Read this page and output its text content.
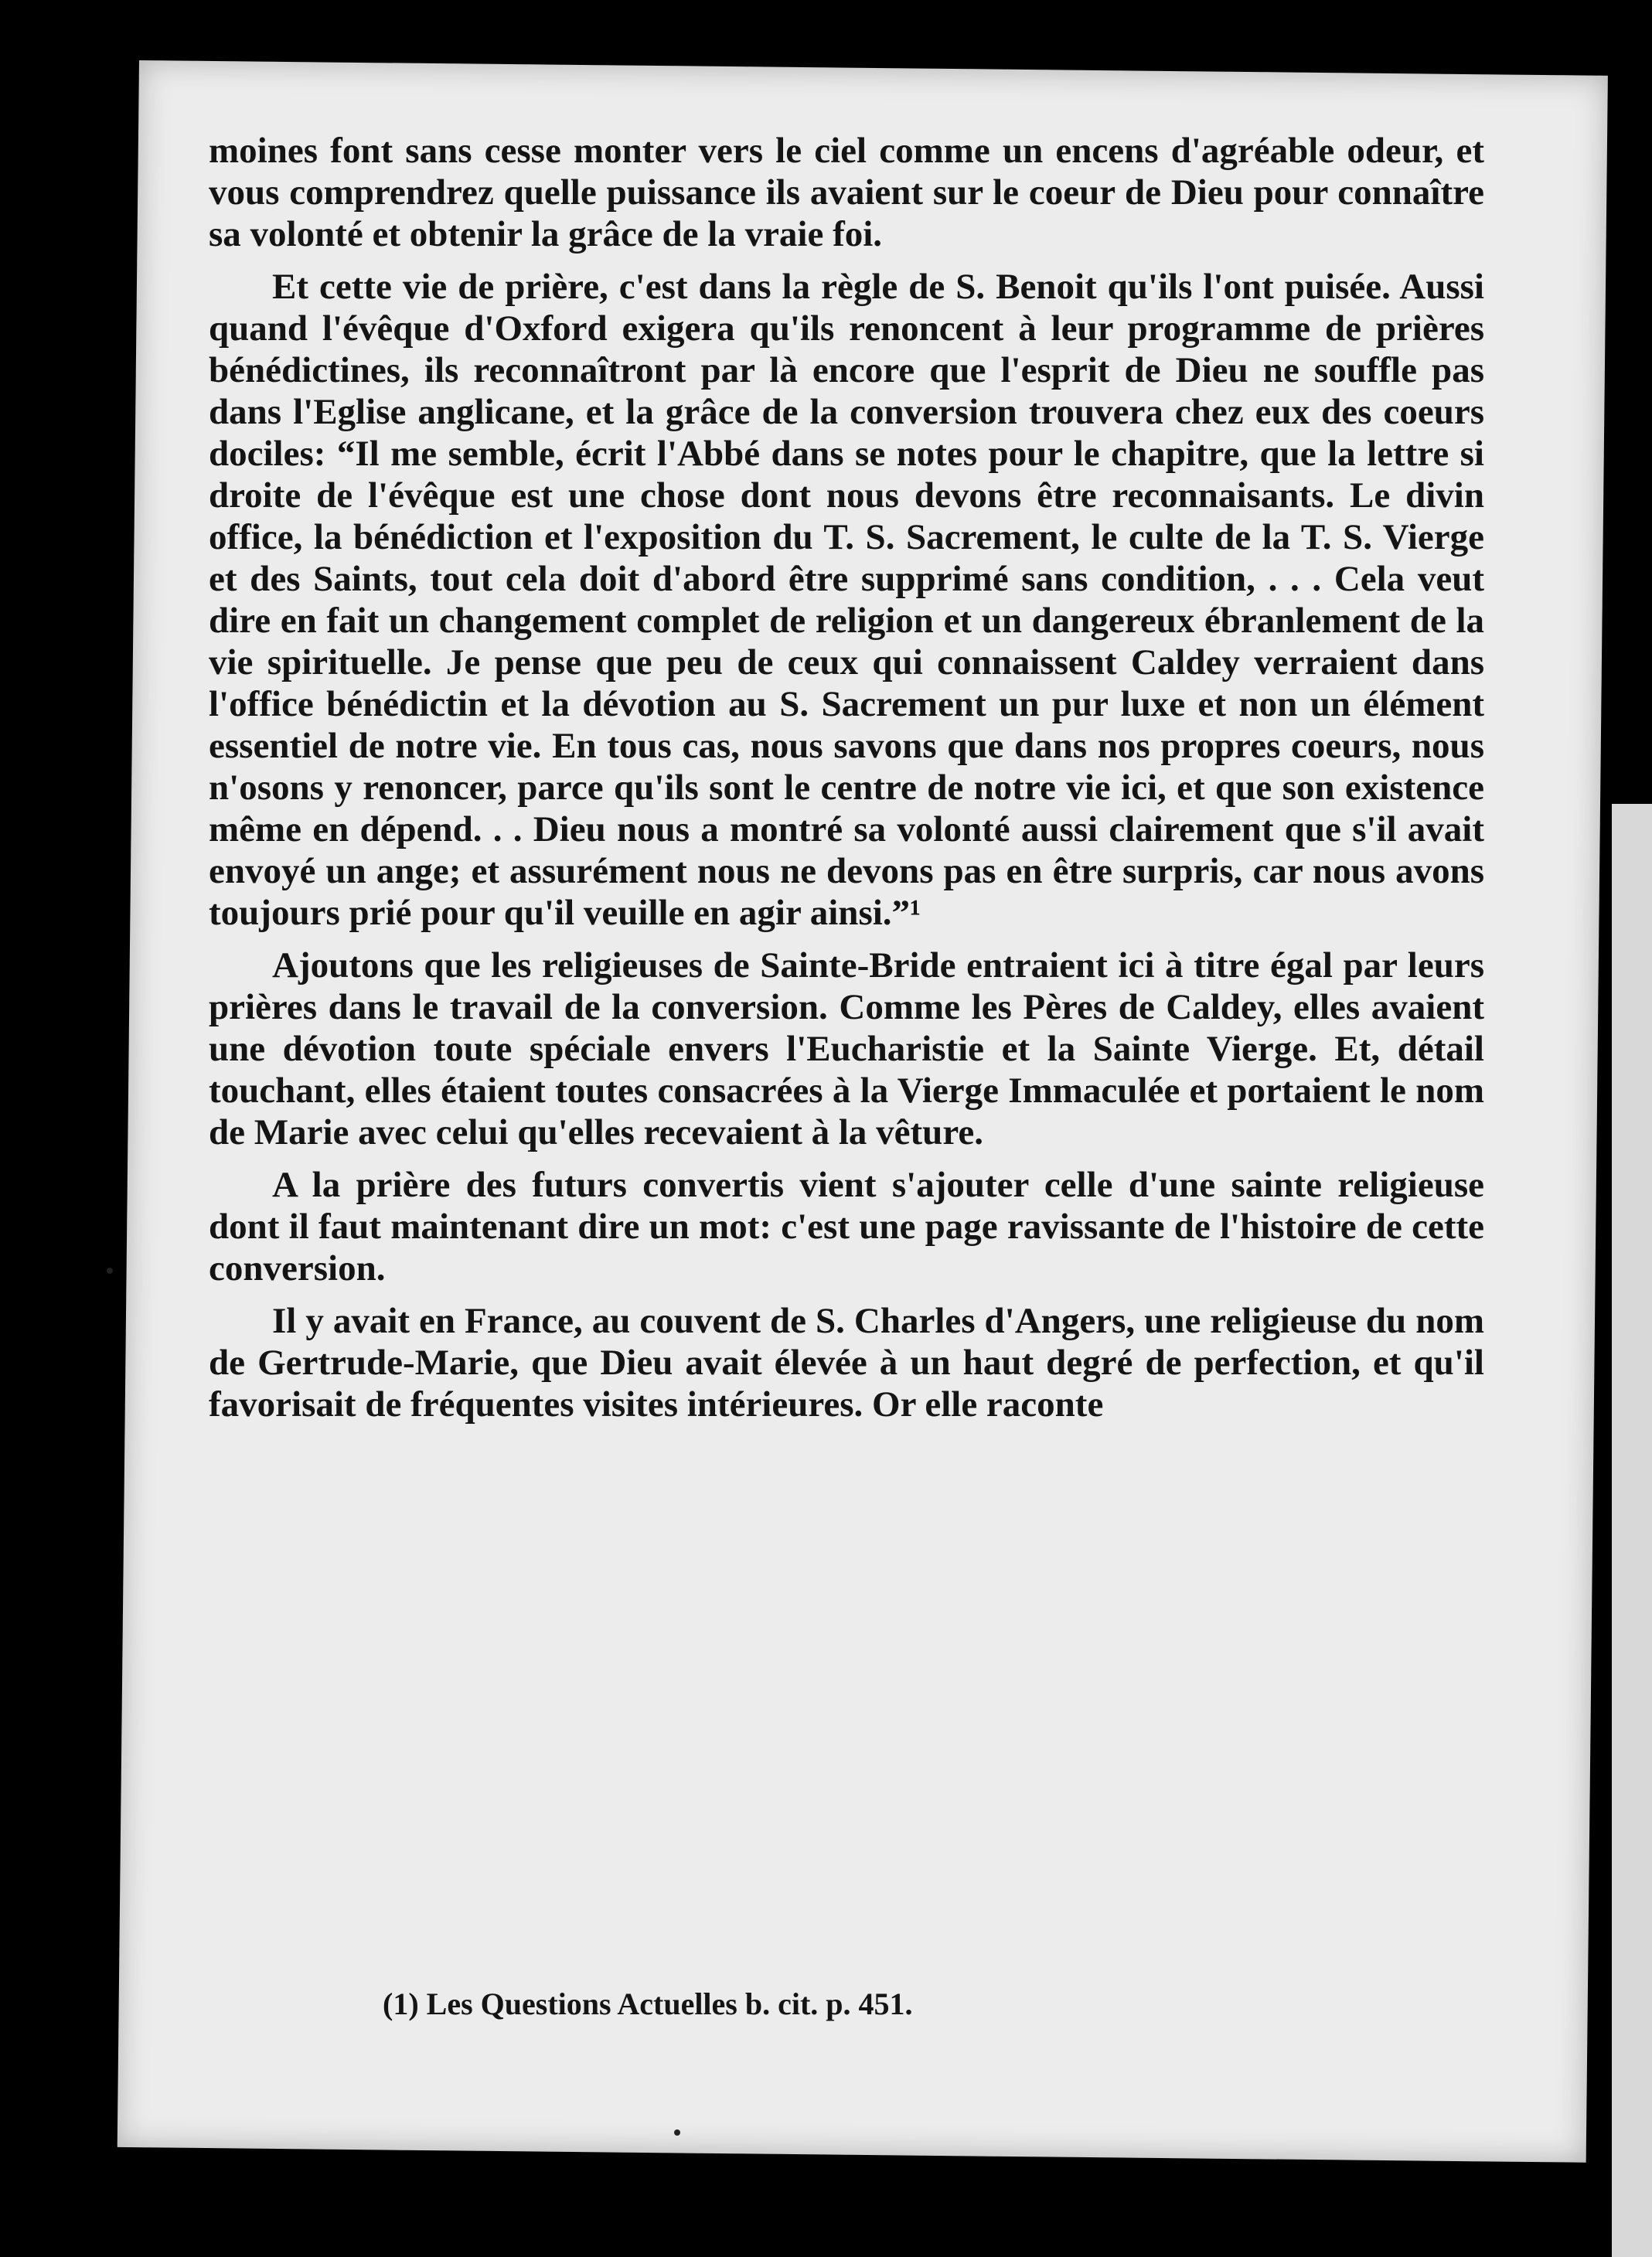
moines font sans cesse monter vers le ciel comme un encens d'agréable odeur, et vous comprendrez quelle puissance ils avaient sur le coeur de Dieu pour connaître sa volonté et obtenir la grâce de la vraie foi.

Et cette vie de prière, c'est dans la règle de S. Benoit qu'ils l'ont puisée. Aussi quand l'évêque d'Oxford exigera qu'ils renoncent à leur programme de prières bénédictines, ils reconnaîtront par là encore que l'esprit de Dieu ne souffle pas dans l'Eglise anglicane, et la grâce de la conversion trouvera chez eux des coeurs dociles: “Il me semble, écrit l'Abbé dans se notes pour le chapitre, que la lettre si droite de l'évêque est une chose dont nous devons être reconnaisants. Le divin office, la bénédiction et l'exposition du T. S. Sacrement, le culte de la T. S. Vierge et des Saints, tout cela doit d'abord être supprimé sans condition, . . . Cela veut dire en fait un changement complet de religion et un dangereux ébranlement de la vie spirituelle. Je pense que peu de ceux qui connaissent Caldey verraient dans l'office bénédictin et la dévotion au S. Sacrement un pur luxe et non un élément essentiel de notre vie. En tous cas, nous savons que dans nos propres coeurs, nous n'osons y renoncer, parce qu'ils sont le centre de notre vie ici, et que son existence même en dépend. . . Dieu nous a montré sa volonté aussi clairement que s'il avait envoyé un ange; et assurément nous ne devons pas en être surpris, car nous avons toujours prié pour qu'il veuille en agir ainsi.”¹

Ajoutons que les religieuses de Sainte-Bride entraient ici à titre égal par leurs prières dans le travail de la conversion. Comme les Pères de Caldey, elles avaient une dévotion toute spéciale envers l'Eucharistie et la Sainte Vierge. Et, détail touchant, elles étaient toutes consacrées à la Vierge Immaculée et portaient le nom de Marie avec celui qu'elles recevaient à la vêture.

A la prière des futurs convertis vient s'ajouter celle d'une sainte religieuse dont il faut maintenant dire un mot: c'est une page ravissante de l'histoire de cette conversion.

Il y avait en France, au couvent de S. Charles d'Angers, une religieuse du nom de Gertrude-Marie, que Dieu avait élevée à un haut degré de perfection, et qu'il favorisait de fréquentes visites intérieures. Or elle raconte

(1) Les Questions Actuelles b. cit. p. 451.
